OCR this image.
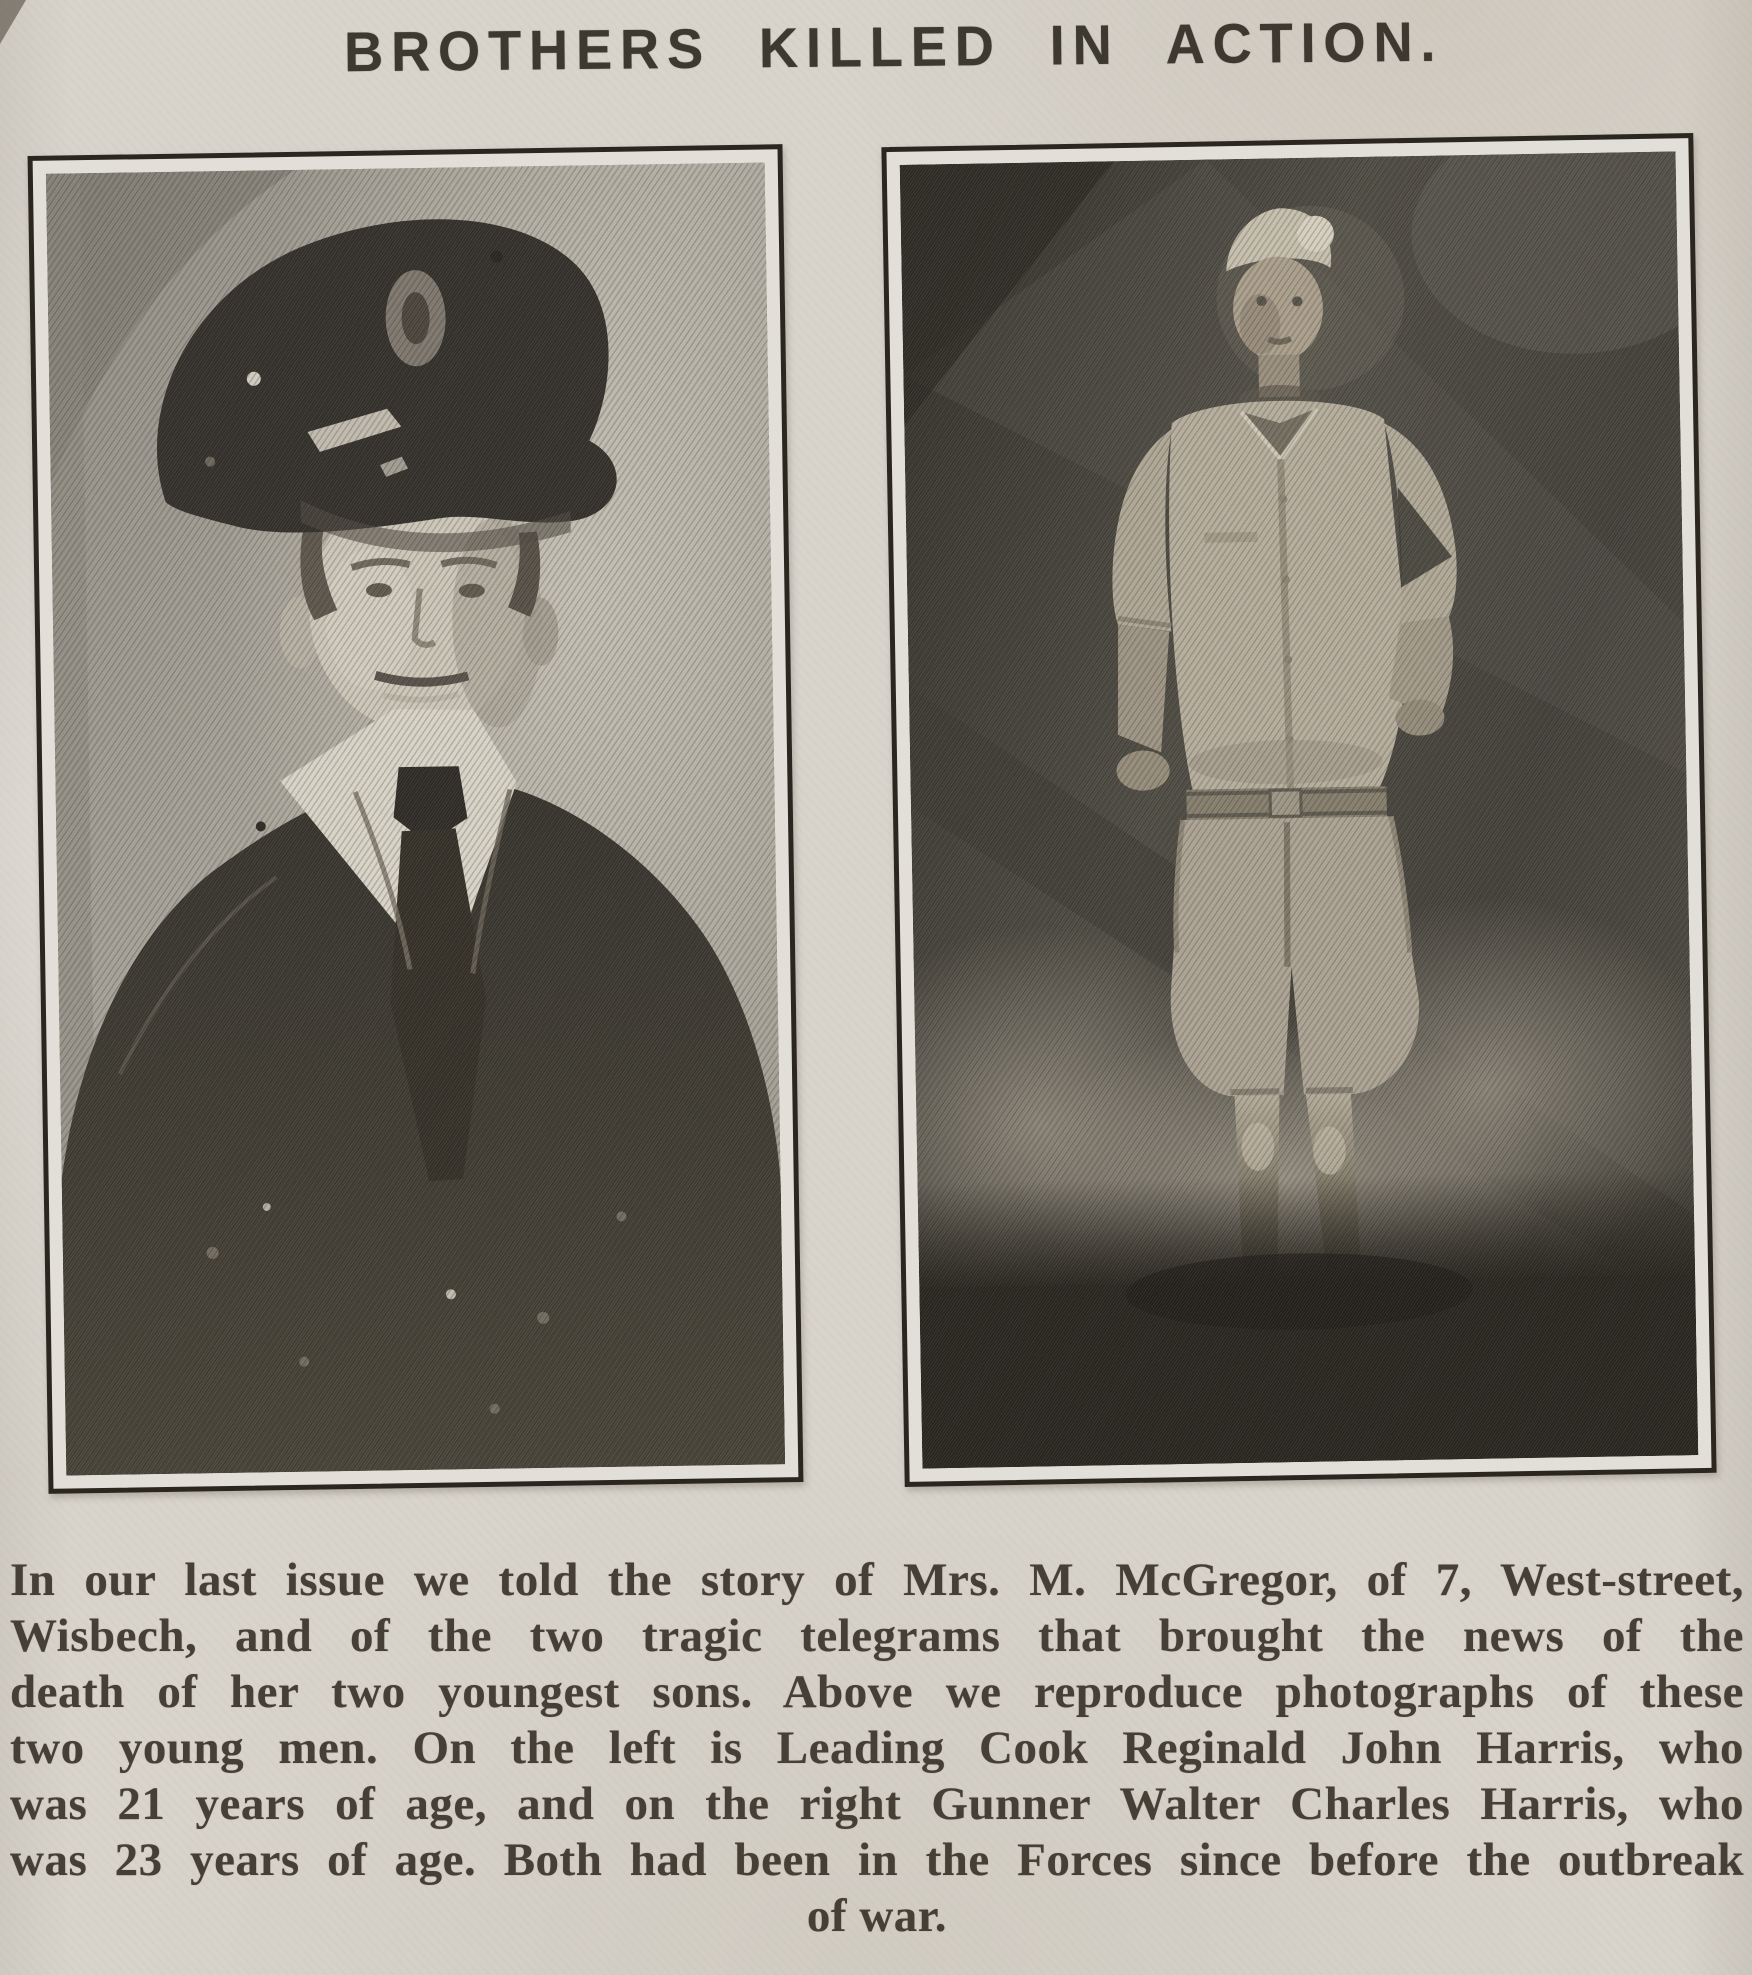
BROTHERS KILLED IN ACTION.
In our last issue we told the story of Mrs. M. McGregor, of 7, West-street,
Wisbech, and of the two tragic telegrams that brought the news of the
death of her two youngest sons. Above we reproduce photographs of these
two young men. On the left is Leading Cook Reginald John Harris, who
was 21 years of age, and on the right Gunner Walter Charles Harris, who
was 23 years of age. Both had been in the Forces since before the outbreak
of war.
